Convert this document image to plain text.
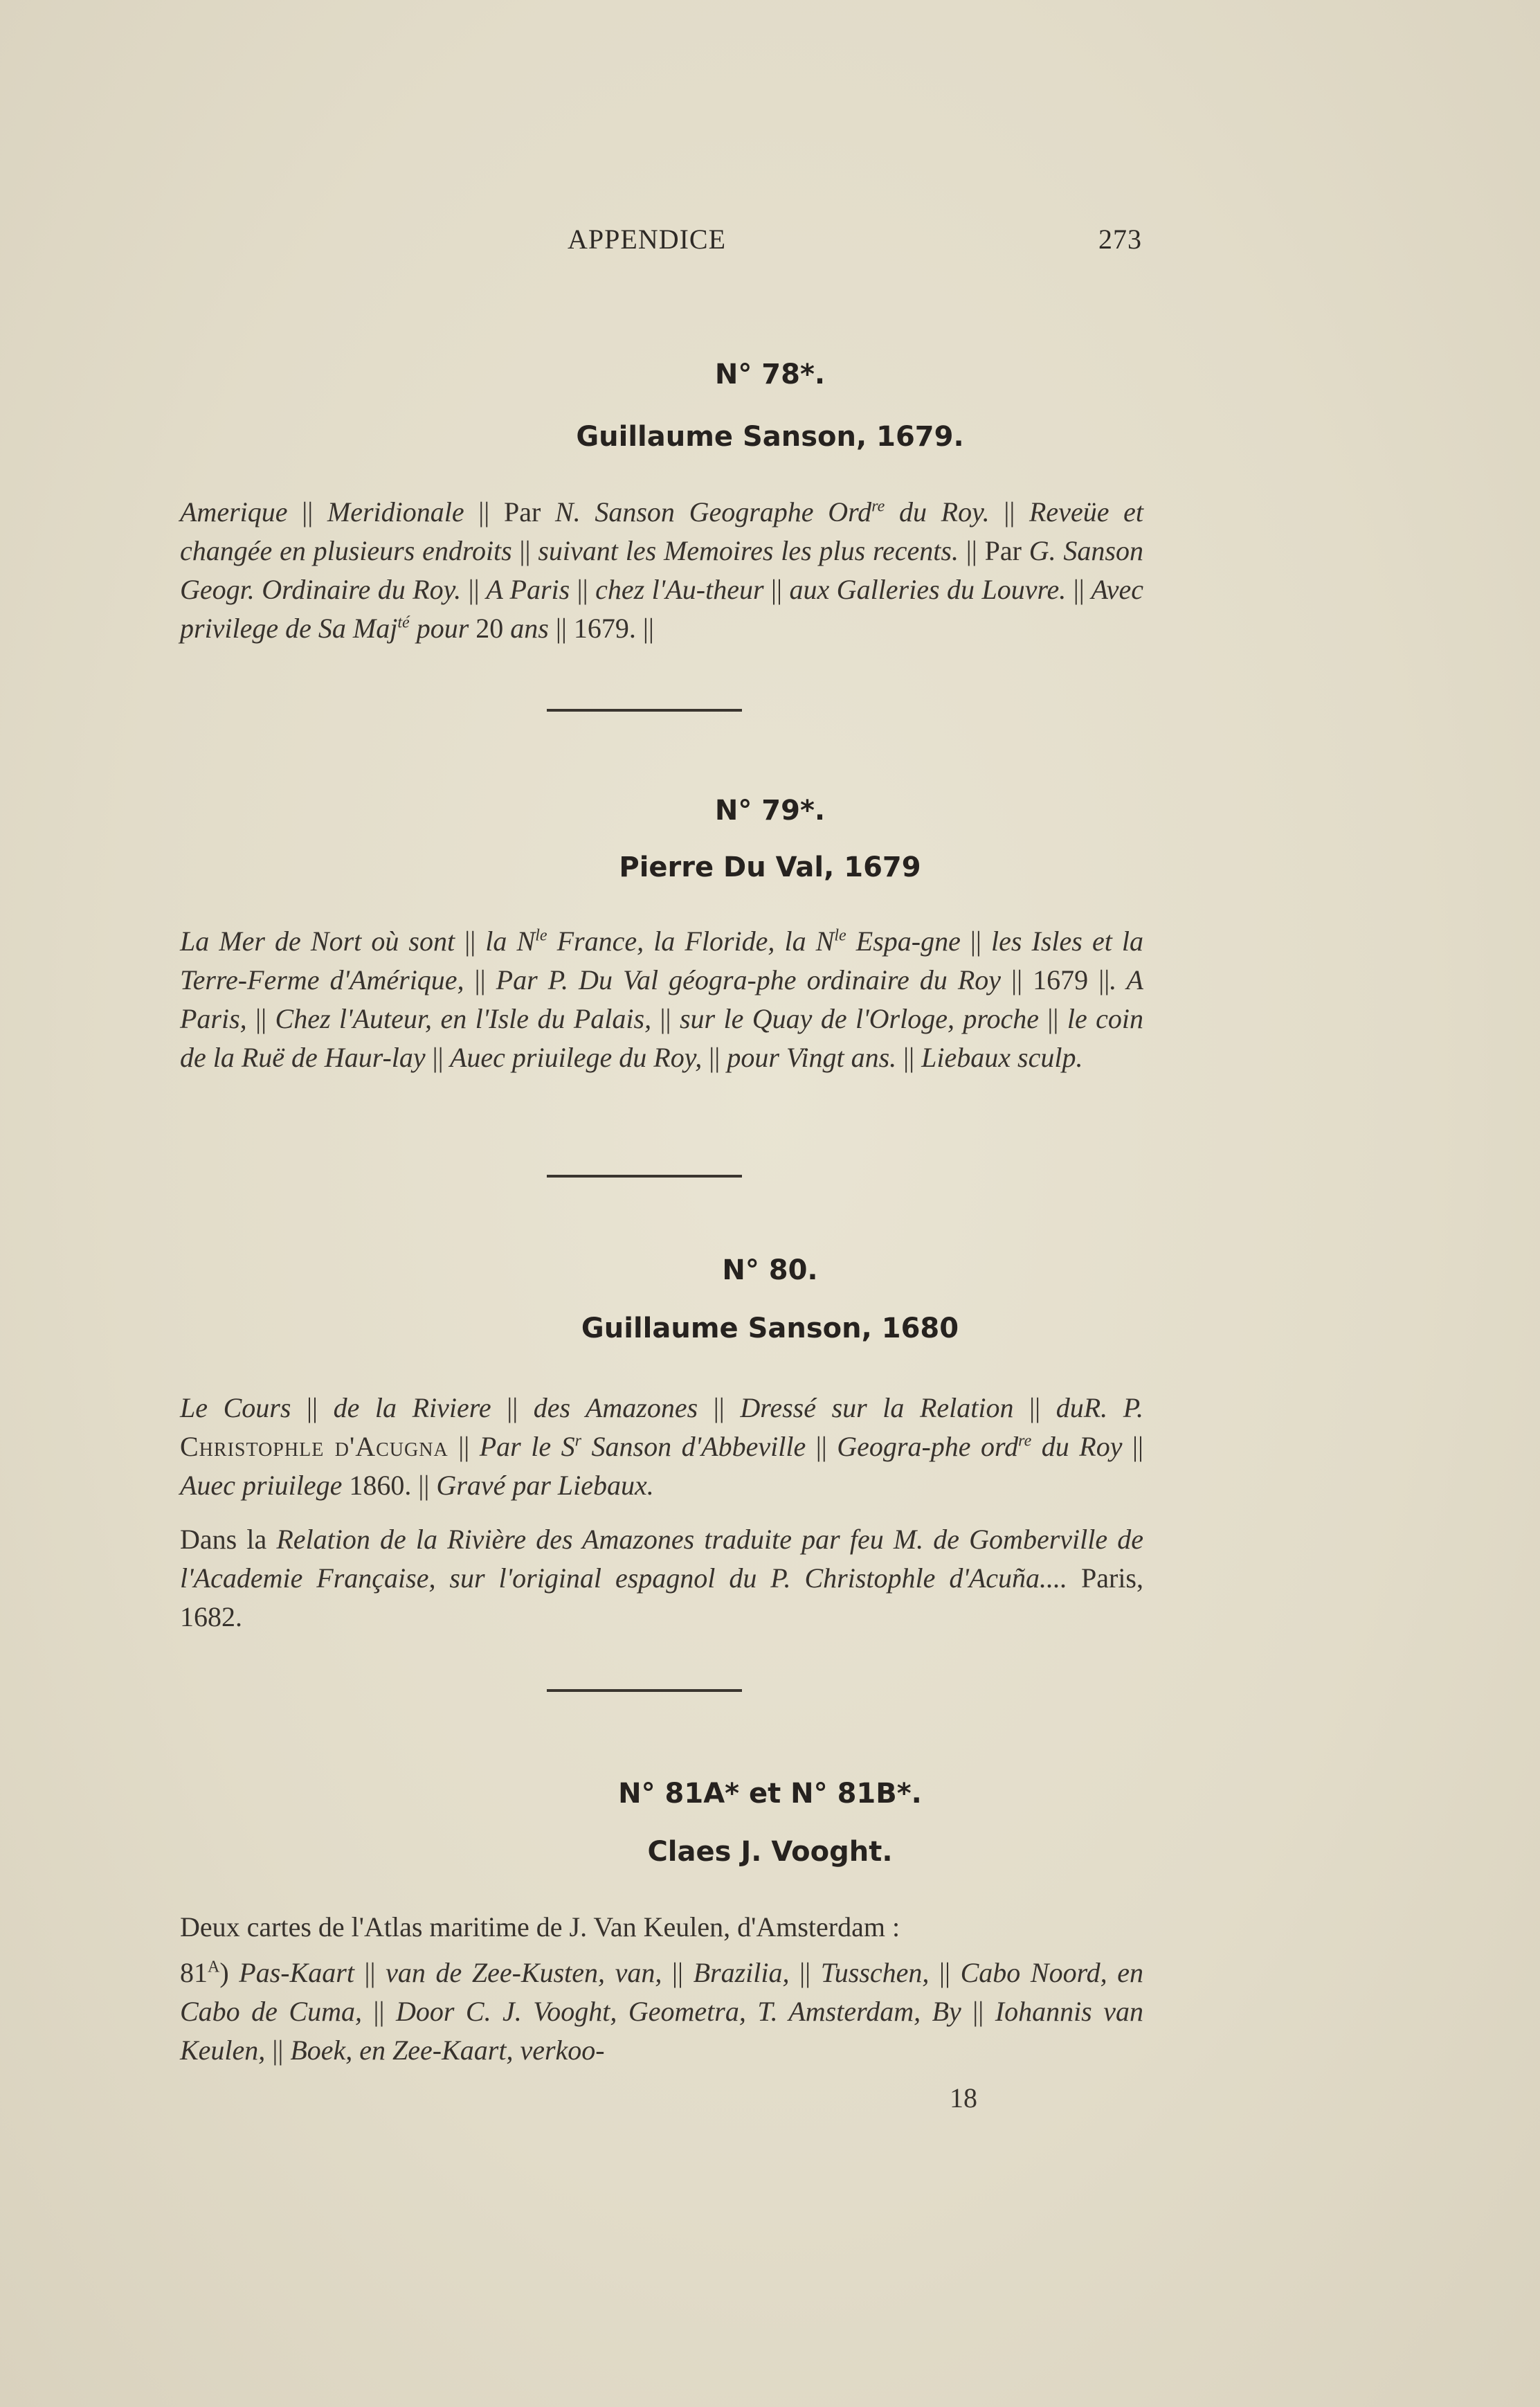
APPENDICE	273
N° 78*.
Guillaume Sanson, 1679.
Amerique || Meridionale || Par N. Sanson Geographe Ord$^{re}$ du Roy. || Reveüe et changée en plusieurs endroits || suivant les Memoires les plus recents. || Par G. Sanson Geogr. Ordinaire du Roy. || A Paris || chez l'Au-theur || aux Galleries du Louvre. || Avec privilege de Sa Maj$^{té}$ pour 20 ans || 1679. ||
N° 79*.
Pierre Du Val, 1679
La Mer de Nort où sont || la $N^{le}$ France, la Floride, la $N^{le}$ Espa-gne || les Isles et la Terre-Ferme d'Amérique, || Par P. Du Val géogra-phe ordinaire du Roy || 1679 ||. A Paris, || Chez l'Auteur, en l'Isle du Palais, || sur le Quay de l'Orloge, proche || le coin de la Ruë de Haur-lay || Auec priuilege du Roy, || pour Vingt ans. || Liebaux sculp.
N° 80.
Guillaume Sanson, 1680
Le Cours || de la Riviere || des Amazones || Dressé sur la Relation || duR. P. Christophle d'Acugna || Par le $S^r$ Sanson d'Abbeville || Geogra-phe ord$^{re}$ du Roy || Auec priuilege 1860. || Gravé par Liebaux.
Dans la Relation de la Rivière des Amazones traduite par feu M. de Gomberville de l'Academie Française, sur l'original espagnol du P. Christophle d'Acuña.... Paris, 1682.
N° 81A* et N° 81B*.
Claes J. Vooght.
Deux cartes de l'Atlas maritime de J. Van Keulen, d'Amsterdam :
$81^A$) Pas-Kaart || van de Zee-Kusten, van, || Brazilia, || Tusschen, || Cabo Noord, en Cabo de Cuma, || Door C. J. Vooght, Geometra, T. Amsterdam, By || Iohannis van Keulen, || Boek, en Zee-Kaart, verkoo-
18
